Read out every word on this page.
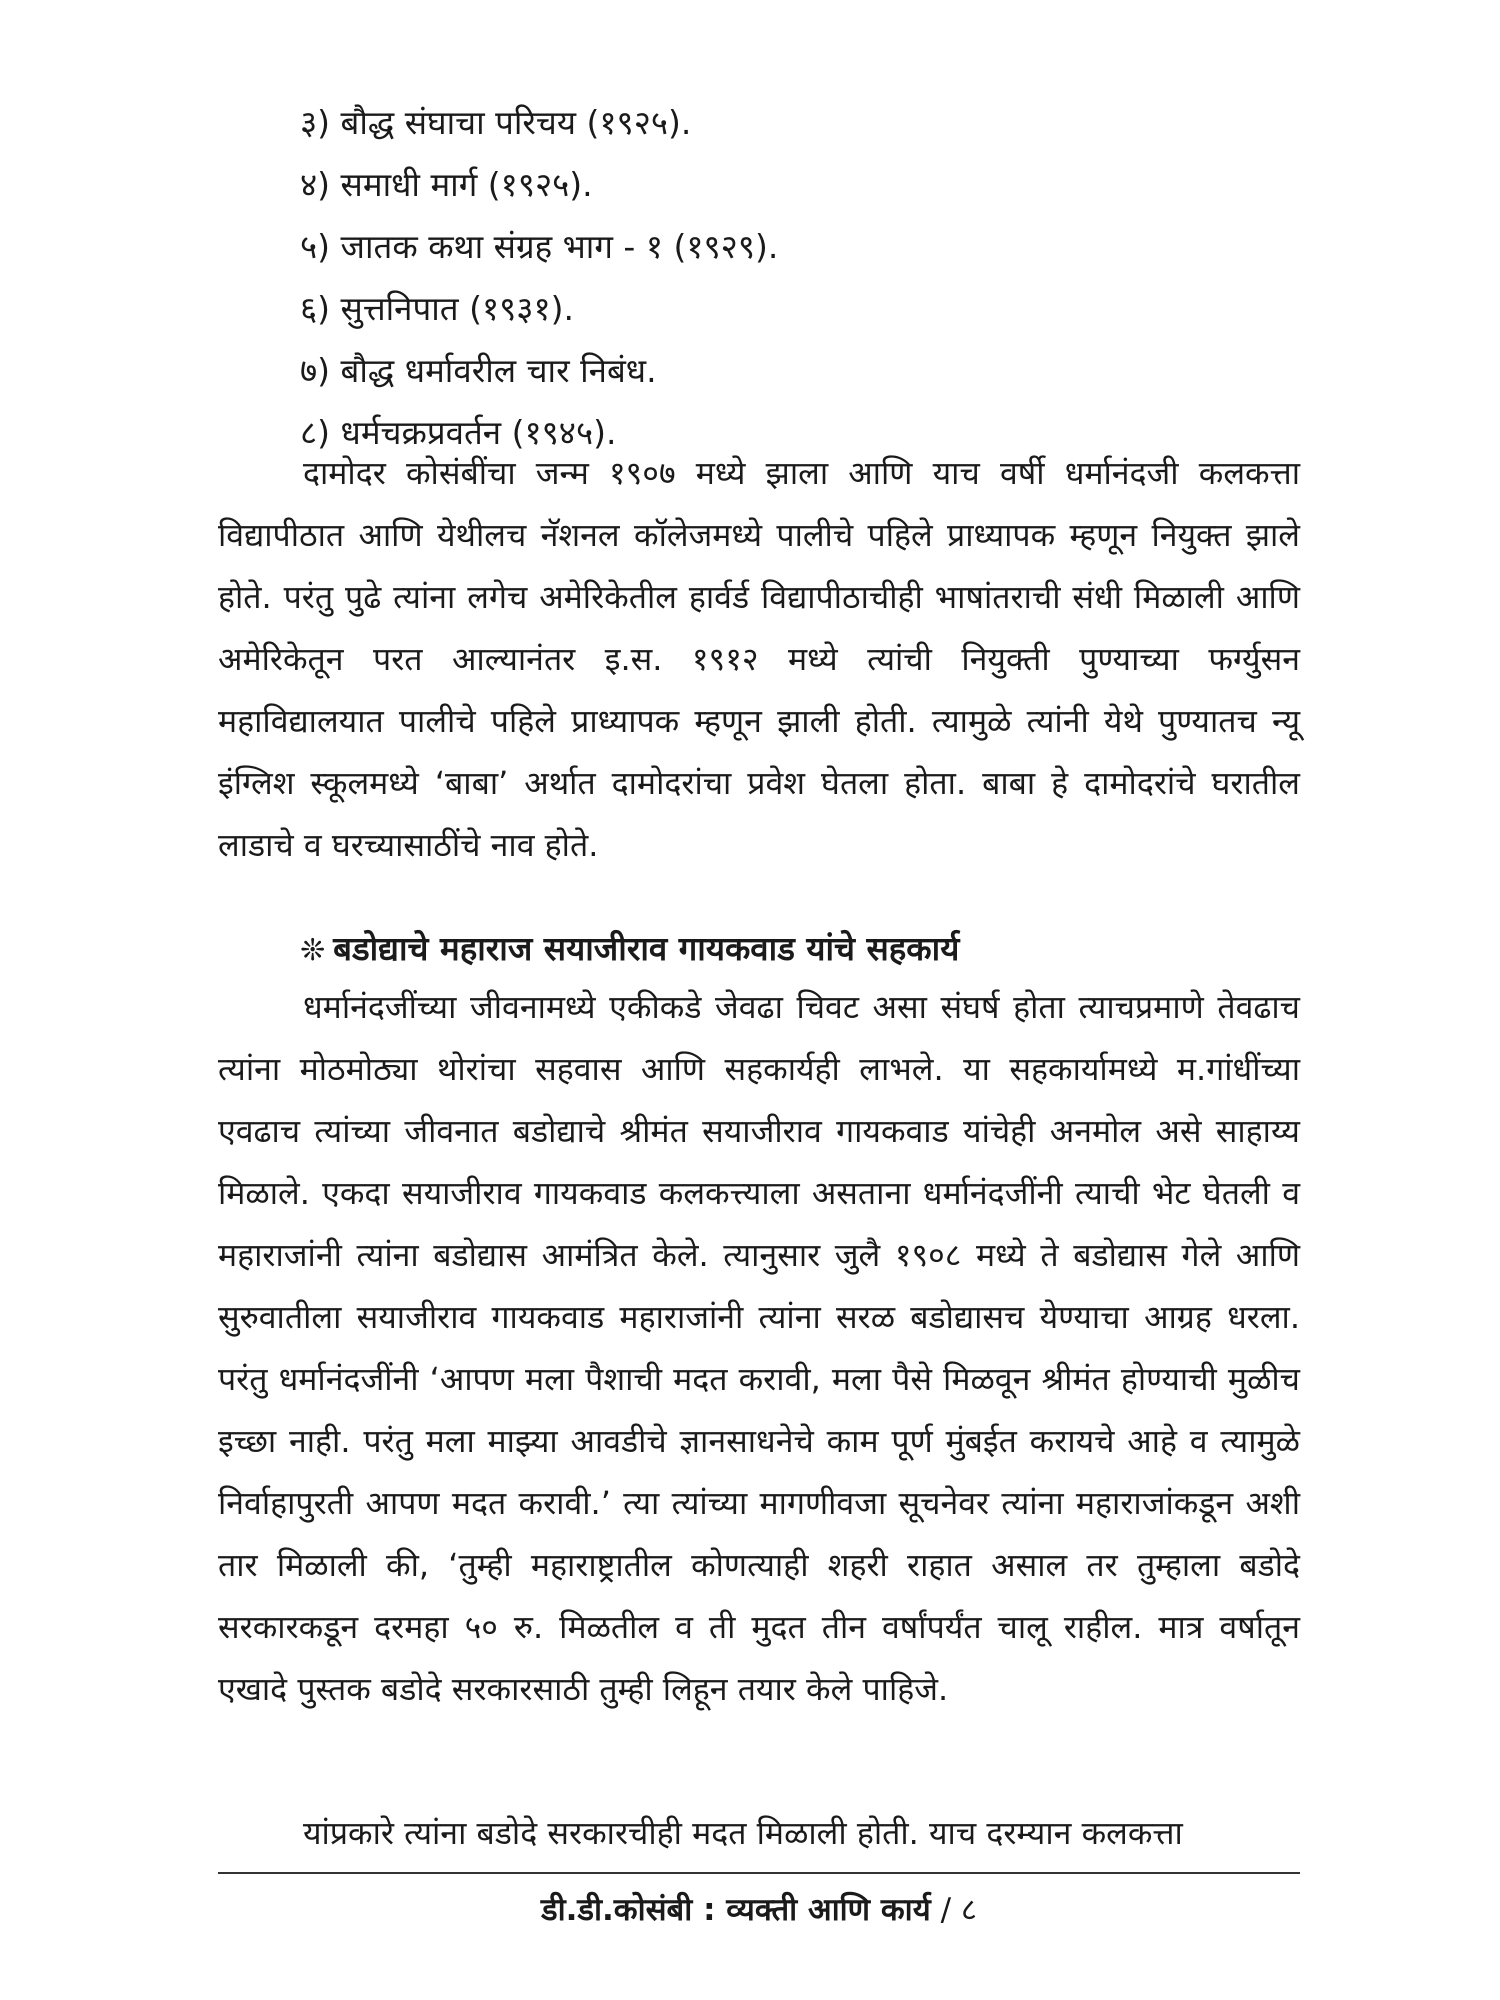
३) बौद्ध संघाचा परिचय (१९२५).
४) समाधी मार्ग (१९२५).
५) जातक कथा संग्रह भाग - १ (१९२९).
६) सुत्तनिपात (१९३१).
७) बौद्ध धर्मावरील चार निबंध.
८) धर्मचक्रप्रवर्तन (१९४५).

दामोदर कोसंबींचा जन्म १९०७ मध्ये झाला आणि याच वर्षी धर्मानंदजी कलकत्ता विद्यापीठात आणि येथीलच नॅशनल कॉलेजमध्ये पालीचे पहिले प्राध्यापक म्हणून नियुक्त झाले होते. परंतु पुढे त्यांना लगेच अमेरिकेतील हार्वर्ड विद्यापीठाचीही भाषांतराची संधी मिळाली आणि अमेरिकेतून परत आल्यानंतर इ.स. १९१२ मध्ये त्यांची नियुक्ती पुण्याच्या फर्ग्युसन महाविद्यालयात पालीचे पहिले प्राध्यापक म्हणून झाली होती. त्यामुळे त्यांनी येथे पुण्यातच न्यू इंग्लिश स्कूलमध्ये ‘बाबा’ अर्थात दामोदरांचा प्रवेश घेतला होता. बाबा हे दामोदरांचे घरातील लाडाचे व घरच्यासाठींचे नाव होते.

❊ बडोद्याचे महाराज सयाजीराव गायकवाड यांचे सहकार्य

धर्मानंदजींच्या जीवनामध्ये एकीकडे जेवढा चिवट असा संघर्ष होता त्याचप्रमाणे तेवढाच त्यांना मोठमोठ्या थोरांचा सहवास आणि सहकार्यही लाभले. या सहकार्यामध्ये म.गांधींच्या एवढाच त्यांच्या जीवनात बडोद्याचे श्रीमंत सयाजीराव गायकवाड यांचेही अनमोल असे साहाय्य मिळाले. एकदा सयाजीराव गायकवाड कलकत्त्याला असताना धर्मानंदजींनी त्याची भेट घेतली व महाराजांनी त्यांना बडोद्यास आमंत्रित केले. त्यानुसार जुलै १९०८ मध्ये ते बडोद्यास गेले आणि सुरुवातीला सयाजीराव गायकवाड महाराजांनी त्यांना सरळ बडोद्यासच येण्याचा आग्रह धरला. परंतु धर्मानंदजींनी ‘आपण मला पैशाची मदत करावी, मला पैसे मिळवून श्रीमंत होण्याची मुळीच इच्छा नाही. परंतु मला माझ्या आवडीचे ज्ञानसाधनेचे काम पूर्ण मुंबईत करायचे आहे व त्यामुळे निर्वाहापुरती आपण मदत करावी.’ त्या त्यांच्या मागणीवजा सूचनेवर त्यांना महाराजांकडून अशी तार मिळाली की, ‘तुम्ही महाराष्ट्रातील कोणत्याही शहरी राहात असाल तर तुम्हाला बडोदे सरकारकडून दरमहा ५० रु. मिळतील व ती मुदत तीन वर्षांपर्यंत चालू राहील. मात्र वर्षातून एखादे पुस्तक बडोदे सरकारसाठी तुम्ही लिहून तयार केले पाहिजे.

यांप्रकारे त्यांना बडोदे सरकारचीही मदत मिळाली होती. याच दरम्यान कलकत्ता

डी.डी.कोसंबी : व्यक्ती आणि कार्य / ८
